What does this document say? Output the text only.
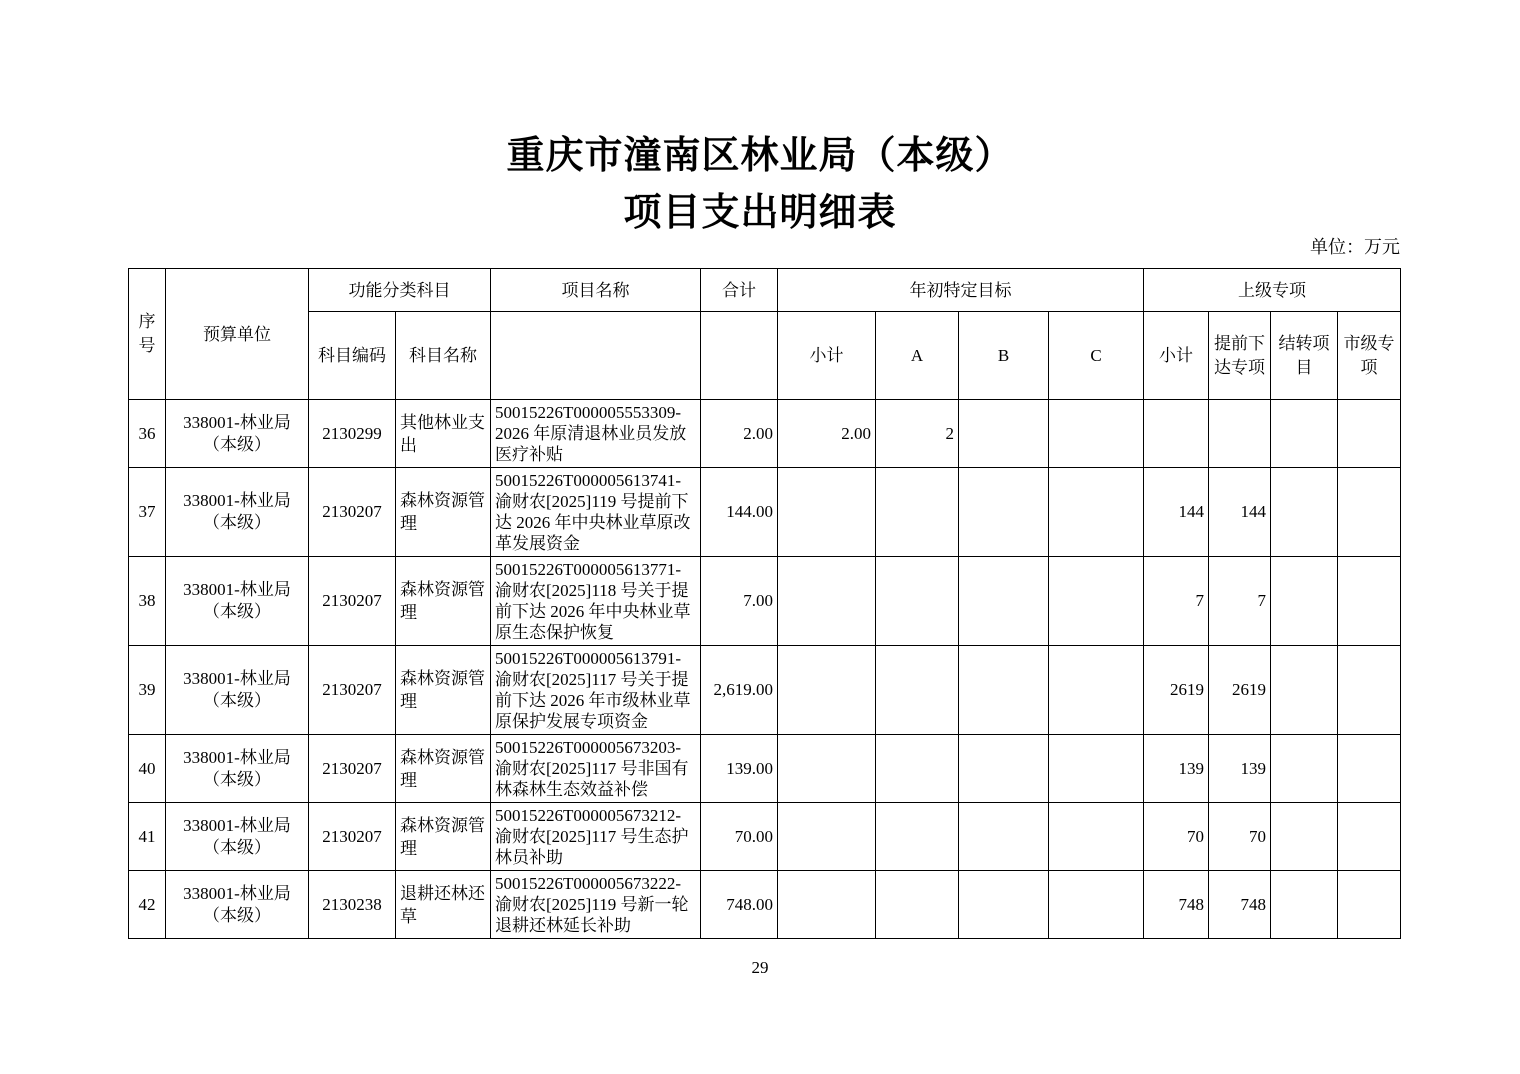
重庆市潼南区林业局（本级）
项目支出明细表
单位：万元
序号	预算单位	功能分类科目		项目名称	合计	年初特定目标				上级专项			
		科目编码	科目名称			小计	A	B	C	小计	提前下达专项	结转项目	市级专项
36	338001-林业局（本级）	2130299	其他林业支出	50015226T000005553309-2026 年原清退林业员发放医疗补贴	2.00	2.00	2						
37	338001-林业局（本级）	2130207	森林资源管理	50015226T000005613741-渝财农[2025]119 号提前下达 2026 年中央林业草原改革发展资金	144.00					144	144		
38	338001-林业局（本级）	2130207	森林资源管理	50015226T000005613771-渝财农[2025]118 号关于提前下达 2026 年中央林业草原生态保护恢复	7.00					7	7		
39	338001-林业局（本级）	2130207	森林资源管理	50015226T000005613791-渝财农[2025]117 号关于提前下达 2026 年市级林业草原保护发展专项资金	2,619.00					2619	2619		
40	338001-林业局（本级）	2130207	森林资源管理	50015226T000005673203-渝财农[2025]117 号非国有林森林生态效益补偿	139.00					139	139		
41	338001-林业局（本级）	2130207	森林资源管理	50015226T000005673212-渝财农[2025]117 号生态护林员补助	70.00					70	70		
42	338001-林业局（本级）	2130238	退耕还林还草	50015226T000005673222-渝财农[2025]119 号新一轮退耕还林延长补助	748.00					748	748		
29
